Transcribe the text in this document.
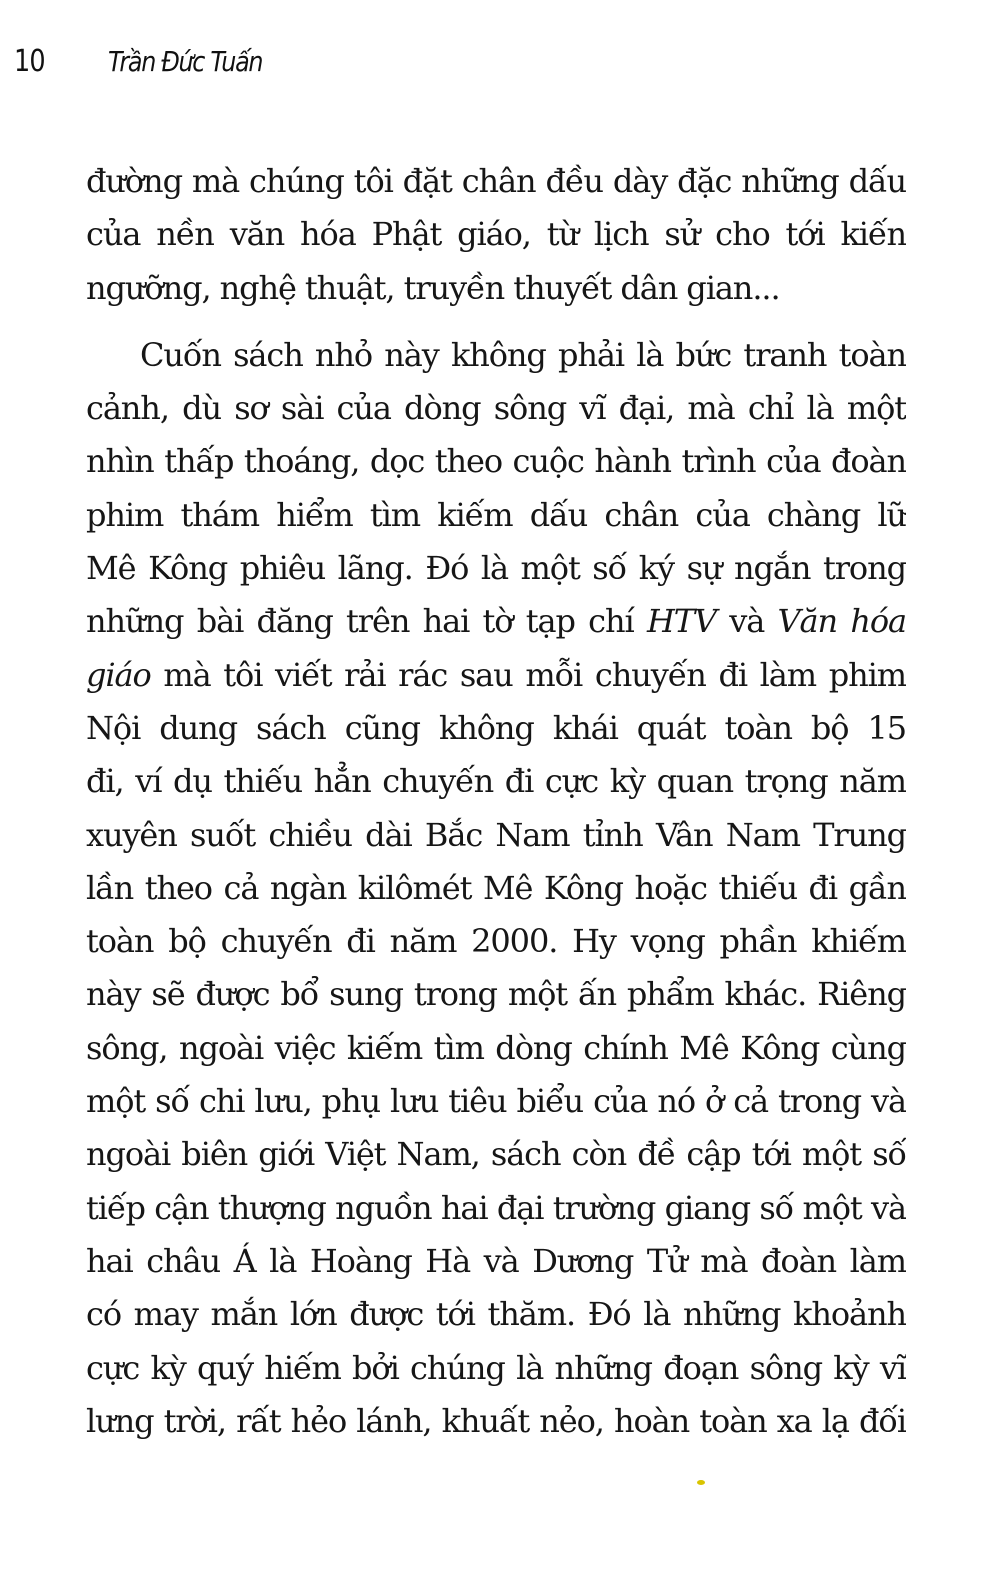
10 Trần Đức Tuấn
đường mà chúng tôi đặt chân đều dày đặc những dấu
của nền văn hóa Phật giáo, từ lịch sử cho tới kiến
ngưỡng, nghệ thuật, truyền thuyết dân gian...
Cuốn sách nhỏ này không phải là bức tranh toàn
cảnh, dù sơ sài của dòng sông vĩ đại, mà chỉ là một
nhìn thấp thoáng, dọc theo cuộc hành trình của đoàn
phim thám hiểm tìm kiếm dấu chân của chàng lữ
Mê Kông phiêu lãng. Đó là một số ký sự ngắn trong
những bài đăng trên hai tờ tạp chí HTV và Văn hóa
giáo mà tôi viết rải rác sau mỗi chuyến đi làm phim
Nội dung sách cũng không khái quát toàn bộ 15
đi, ví dụ thiếu hẳn chuyến đi cực kỳ quan trọng năm
xuyên suốt chiều dài Bắc Nam tỉnh Vân Nam Trung
lần theo cả ngàn kilômét Mê Kông hoặc thiếu đi gần
toàn bộ chuyến đi năm 2000. Hy vọng phần khiếm
này sẽ được bổ sung trong một ấn phẩm khác. Riêng
sông, ngoài việc kiếm tìm dòng chính Mê Kông cùng
một số chi lưu, phụ lưu tiêu biểu của nó ở cả trong và
ngoài biên giới Việt Nam, sách còn đề cập tới một số
tiếp cận thượng nguồn hai đại trường giang số một và
hai châu Á là Hoàng Hà và Dương Tử mà đoàn làm
có may mắn lớn được tới thăm. Đó là những khoảnh
cực kỳ quý hiếm bởi chúng là những đoạn sông kỳ vĩ
lưng trời, rất hẻo lánh, khuất nẻo, hoàn toàn xa lạ đối
